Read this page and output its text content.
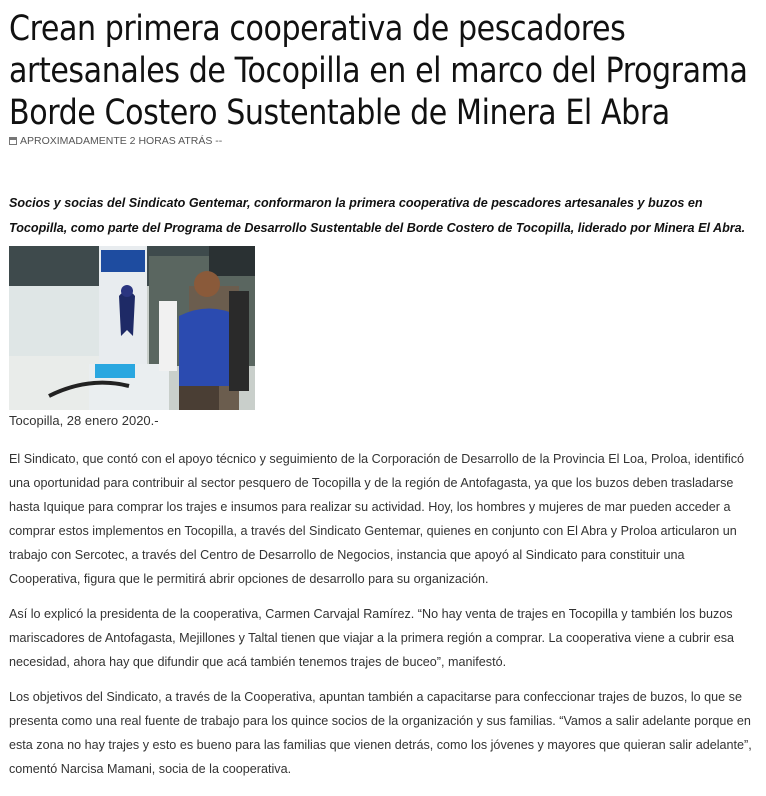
Crean primera cooperativa de pescadores artesanales de Tocopilla en el marco del Programa Borde Costero Sustentable de Minera El Abra
APROXIMADAMENTE 2 HORAS ATRÁS --

Socios y socias del Sindicato Gentemar, conformaron la primera cooperativa de pescadores artesanales y buzos en Tocopilla, como parte del Programa de Desarrollo Sustentable del Borde Costero de Tocopilla, liderado por Minera El Abra.

Tocopilla, 28 enero 2020.-

El Sindicato, que contó con el apoyo técnico y seguimiento de la Corporación de Desarrollo de la Provincia El Loa, Proloa, identificó una oportunidad para contribuir al sector pesquero de Tocopilla y de la región de Antofagasta, ya que los buzos deben trasladarse hasta Iquique para comprar los trajes e insumos para realizar su actividad. Hoy, los hombres y mujeres de mar pueden acceder a comprar estos implementos en Tocopilla, a través del Sindicato Gentemar, quienes en conjunto con El Abra y Proloa articularon un trabajo con Sercotec, a través del Centro de Desarrollo de Negocios, instancia que apoyó al Sindicato para constituir una Cooperativa, figura que le permitirá abrir opciones de desarrollo para su organización.

Así lo explicó la presidenta de la cooperativa, Carmen Carvajal Ramírez. “No hay venta de trajes en Tocopilla y también los buzos mariscadores de Antofagasta, Mejillones y Taltal tienen que viajar a la primera región a comprar. La cooperativa viene a cubrir esa necesidad, ahora hay que difundir que acá también tenemos trajes de buceo”, manifestó.

Los objetivos del Sindicato, a través de la Cooperativa, apuntan también a capacitarse para confeccionar trajes de buzos, lo que se presenta como una real fuente de trabajo para los quince socios de la organización y sus familias. “Vamos a salir adelante porque en esta zona no hay trajes y esto es bueno para las familias que vienen detrás, como los jóvenes y mayores que quieran salir adelante”, comentó Narcisa Mamani, socia de la cooperativa.
